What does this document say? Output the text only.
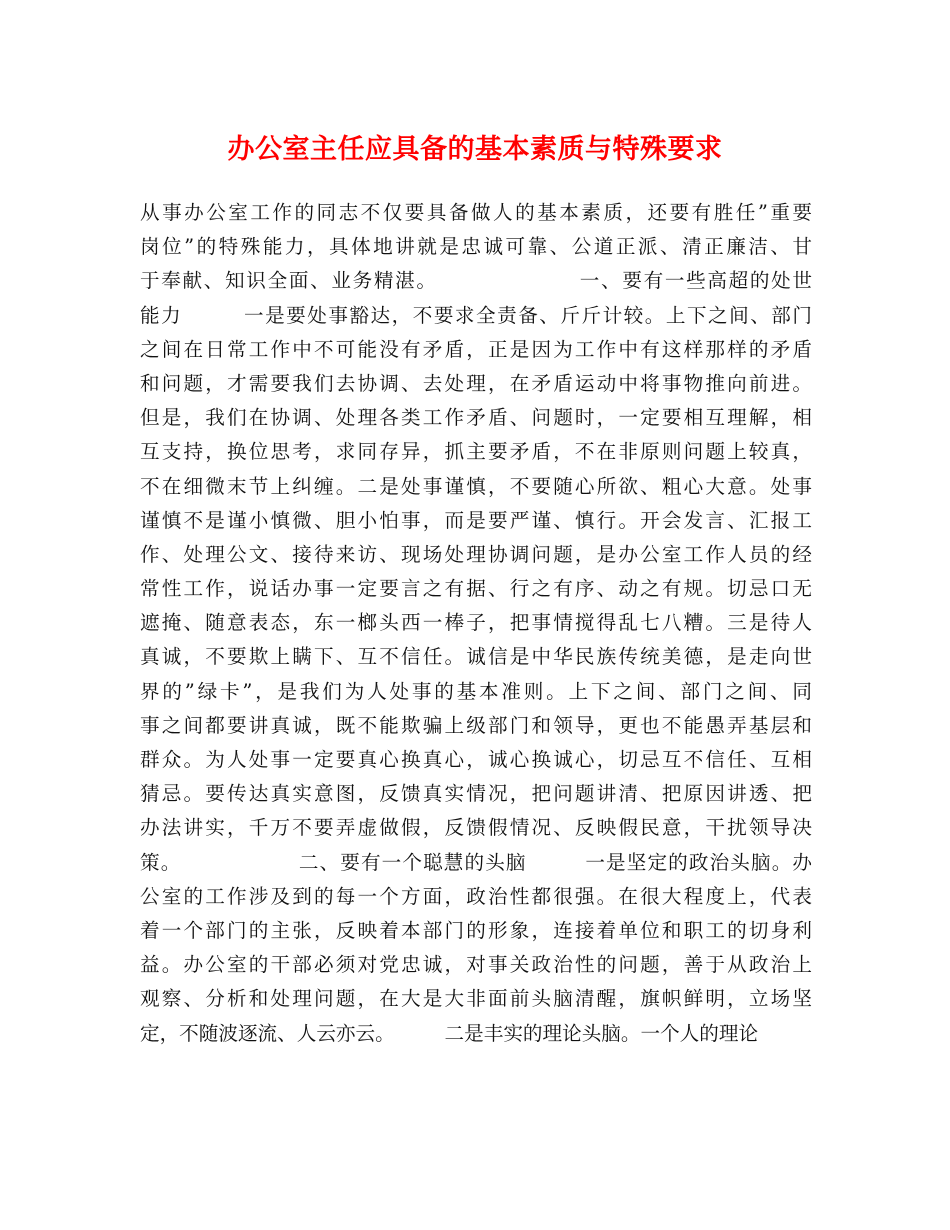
办公室主任应具备的基本素质与特殊要求
从事办公室工作的同志不仅要具备做人的基本素质，还要有胜任”重要
岗位”的特殊能力，具体地讲就是忠诚可靠、公道正派、清正廉洁、甘
于奉献、知识全面、业务精湛。                  一、要有一些高超的处世
能力        一是要处事豁达，不要求全责备、斤斤计较。上下之间、部门
之间在日常工作中不可能没有矛盾，正是因为工作中有这样那样的矛盾
和问题，才需要我们去协调、去处理，在矛盾运动中将事物推向前进。
但是，我们在协调、处理各类工作矛盾、问题时，一定要相互理解，相
互支持，换位思考，求同存异，抓主要矛盾，不在非原则问题上较真，
不在细微末节上纠缠。二是处事谨慎，不要随心所欲、粗心大意。处事
谨慎不是谨小慎微、胆小怕事，而是要严谨、慎行。开会发言、汇报工
作、处理公文、接待来访、现场处理协调问题，是办公室工作人员的经
常性工作，说话办事一定要言之有据、行之有序、动之有规。切忌口无
遮掩、随意表态，东一榔头西一棒子，把事情搅得乱七八糟。三是待人
真诚，不要欺上瞒下、互不信任。诚信是中华民族传统美德，是走向世
界的”绿卡”，是我们为人处事的基本准则。上下之间、部门之间、同
事之间都要讲真诚，既不能欺骗上级部门和领导，更也不能愚弄基层和
群众。为人处事一定要真心换真心，诚心换诚心，切忌互不信任、互相
猜忌。要传达真实意图，反馈真实情况，把问题讲清、把原因讲透、把
办法讲实，千万不要弄虚做假，反馈假情况、反映假民意，干扰领导决
策。                二、要有一个聪慧的头脑        一是坚定的政治头脑。办
公室的工作涉及到的每一个方面，政治性都很强。在很大程度上，代表
着一个部门的主张，反映着本部门的形象，连接着单位和职工的切身利
益。办公室的干部必须对党忠诚，对事关政治性的问题，善于从政治上
观察、分析和处理问题，在大是大非面前头脑清醒，旗帜鲜明，立场坚
定，不随波逐流、人云亦云。        二是丰实的理论头脑。一个人的理论
